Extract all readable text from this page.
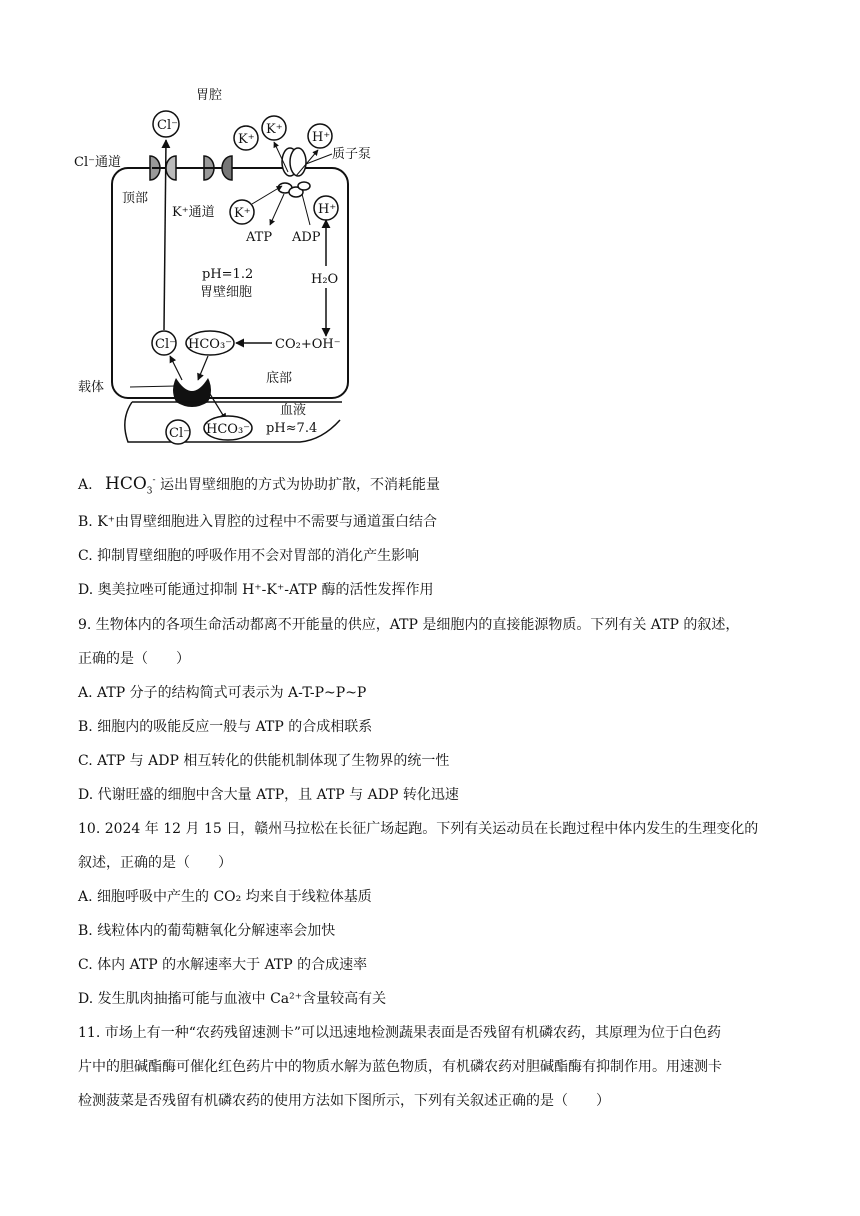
胃腔
Cl⁻通道
顶部
K⁺通道
质子泵
pH=1.2
胃壁细胞
载体
底部
ATP ADP
H₂O
CO₂+OH⁻
Cl⁻
K⁺
K⁺
H⁺
K⁺	H⁺
Cl⁻ HCO₃⁻
血液
pH≈7.4
Cl⁻ HCO₃⁻
A. $HCO_3^-$ 运出胃壁细胞的方式为协助扩散，不消耗能量
B. K⁺由胃壁细胞进入胃腔的过程中不需要与通道蛋白结合
C. 抑制胃壁细胞的呼吸作用不会对胃部的消化产生影响
D. 奥美拉唑可能通过抑制 H⁺-K⁺-ATP 酶的活性发挥作用
9. 生物体内的各项生命活动都离不开能量的供应，ATP 是细胞内的直接能源物质。下列有关 ATP 的叙述，
正确的是（　　）
A. ATP 分子的结构简式可表示为 A-T-P~P~P
B. 细胞内的吸能反应一般与 ATP 的合成相联系
C. ATP 与 ADP 相互转化的供能机制体现了生物界的统一性
D. 代谢旺盛的细胞中含大量 ATP，且 ATP 与 ADP 转化迅速
10. 2024 年 12 月 15 日，赣州马拉松在长征广场起跑。下列有关运动员在长跑过程中体内发生的生理变化的
叙述，正确的是（　　）
A. 细胞呼吸中产生的 CO₂ 均来自于线粒体基质
B. 线粒体内的葡萄糖氧化分解速率会加快
C. 体内 ATP 的水解速率大于 ATP 的合成速率
D. 发生肌肉抽搐可能与血液中 Ca²⁺含量较高有关
11. 市场上有一种“农药残留速测卡”可以迅速地检测蔬果表面是否残留有机磷农药，其原理为位于白色药
片中的胆碱酯酶可催化红色药片中的物质水解为蓝色物质，有机磷农药对胆碱酯酶有抑制作用。用速测卡
检测菠菜是否残留有机磷农药的使用方法如下图所示，下列有关叙述正确的是（　　）
